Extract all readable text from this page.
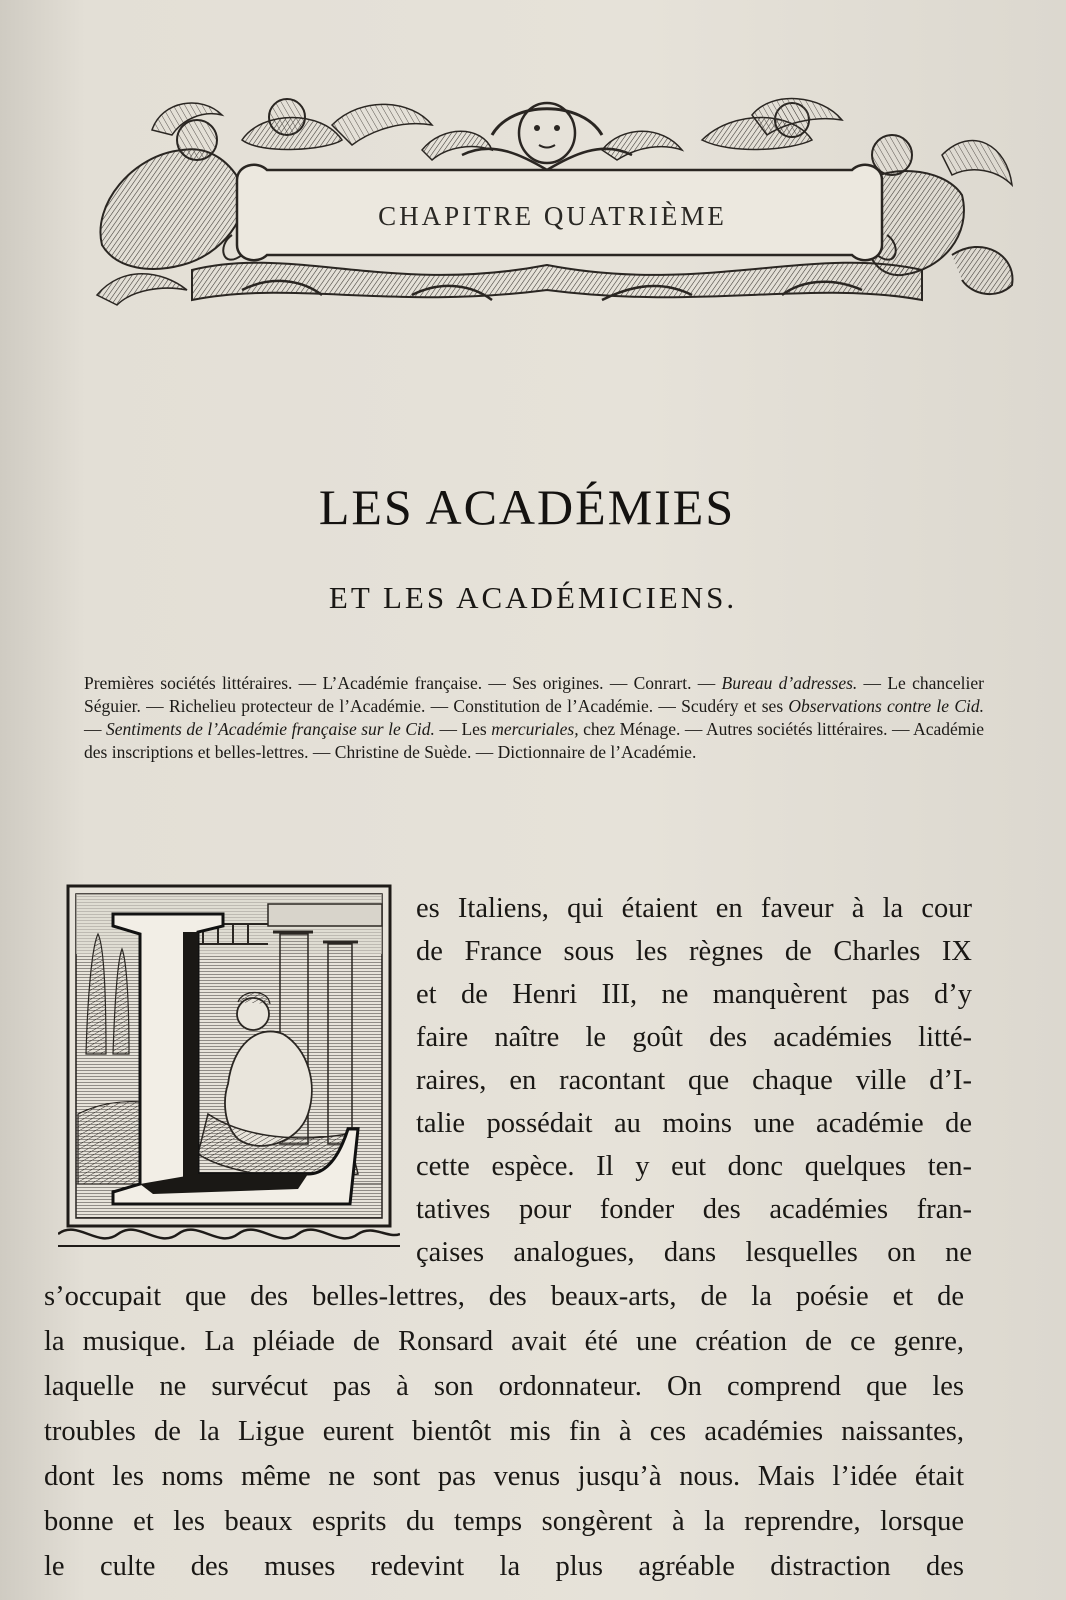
CHAPITRE QUATRIÈME
LES ACADÉMIES
ET LES ACADÉMICIENS.
Premières sociétés littéraires. — L’Académie française. — Ses origines. — Conrart. — Bureau d’adresses. — Le chancelier Séguier. — Richelieu protecteur de l’Académie. — Constitution de l’Académie. — Scudéry et ses Observations contre le Cid. — Sentiments de l’Académie française sur le Cid. — Les mercuriales, chez Ménage. — Autres sociétés littéraires. — Académie des inscriptions et belles-lettres. — Christine de Suède. — Dictionnaire de l’Académie.
es Italiens, qui étaient en faveur à la cour
de France sous les règnes de Charles IX
et de Henri III, ne manquèrent pas d’y
faire naître le goût des académies litté-
raires, en racontant que chaque ville d’I-
talie possédait au moins une académie de
cette espèce. Il y eut donc quelques ten-
tatives pour fonder des académies fran-
çaises analogues, dans lesquelles on ne
s’occupait que des belles-lettres, des beaux-arts, de la poésie et de
la musique. La pléiade de Ronsard avait été une création de ce genre,
laquelle ne survécut pas à son ordonnateur. On comprend que les
troubles de la Ligue eurent bientôt mis fin à ces académies naissantes,
dont les noms même ne sont pas venus jusqu’à nous. Mais l’idée était
bonne et les beaux esprits du temps songèrent à la reprendre, lorsque
le culte des muses redevint la plus agréable distraction des
